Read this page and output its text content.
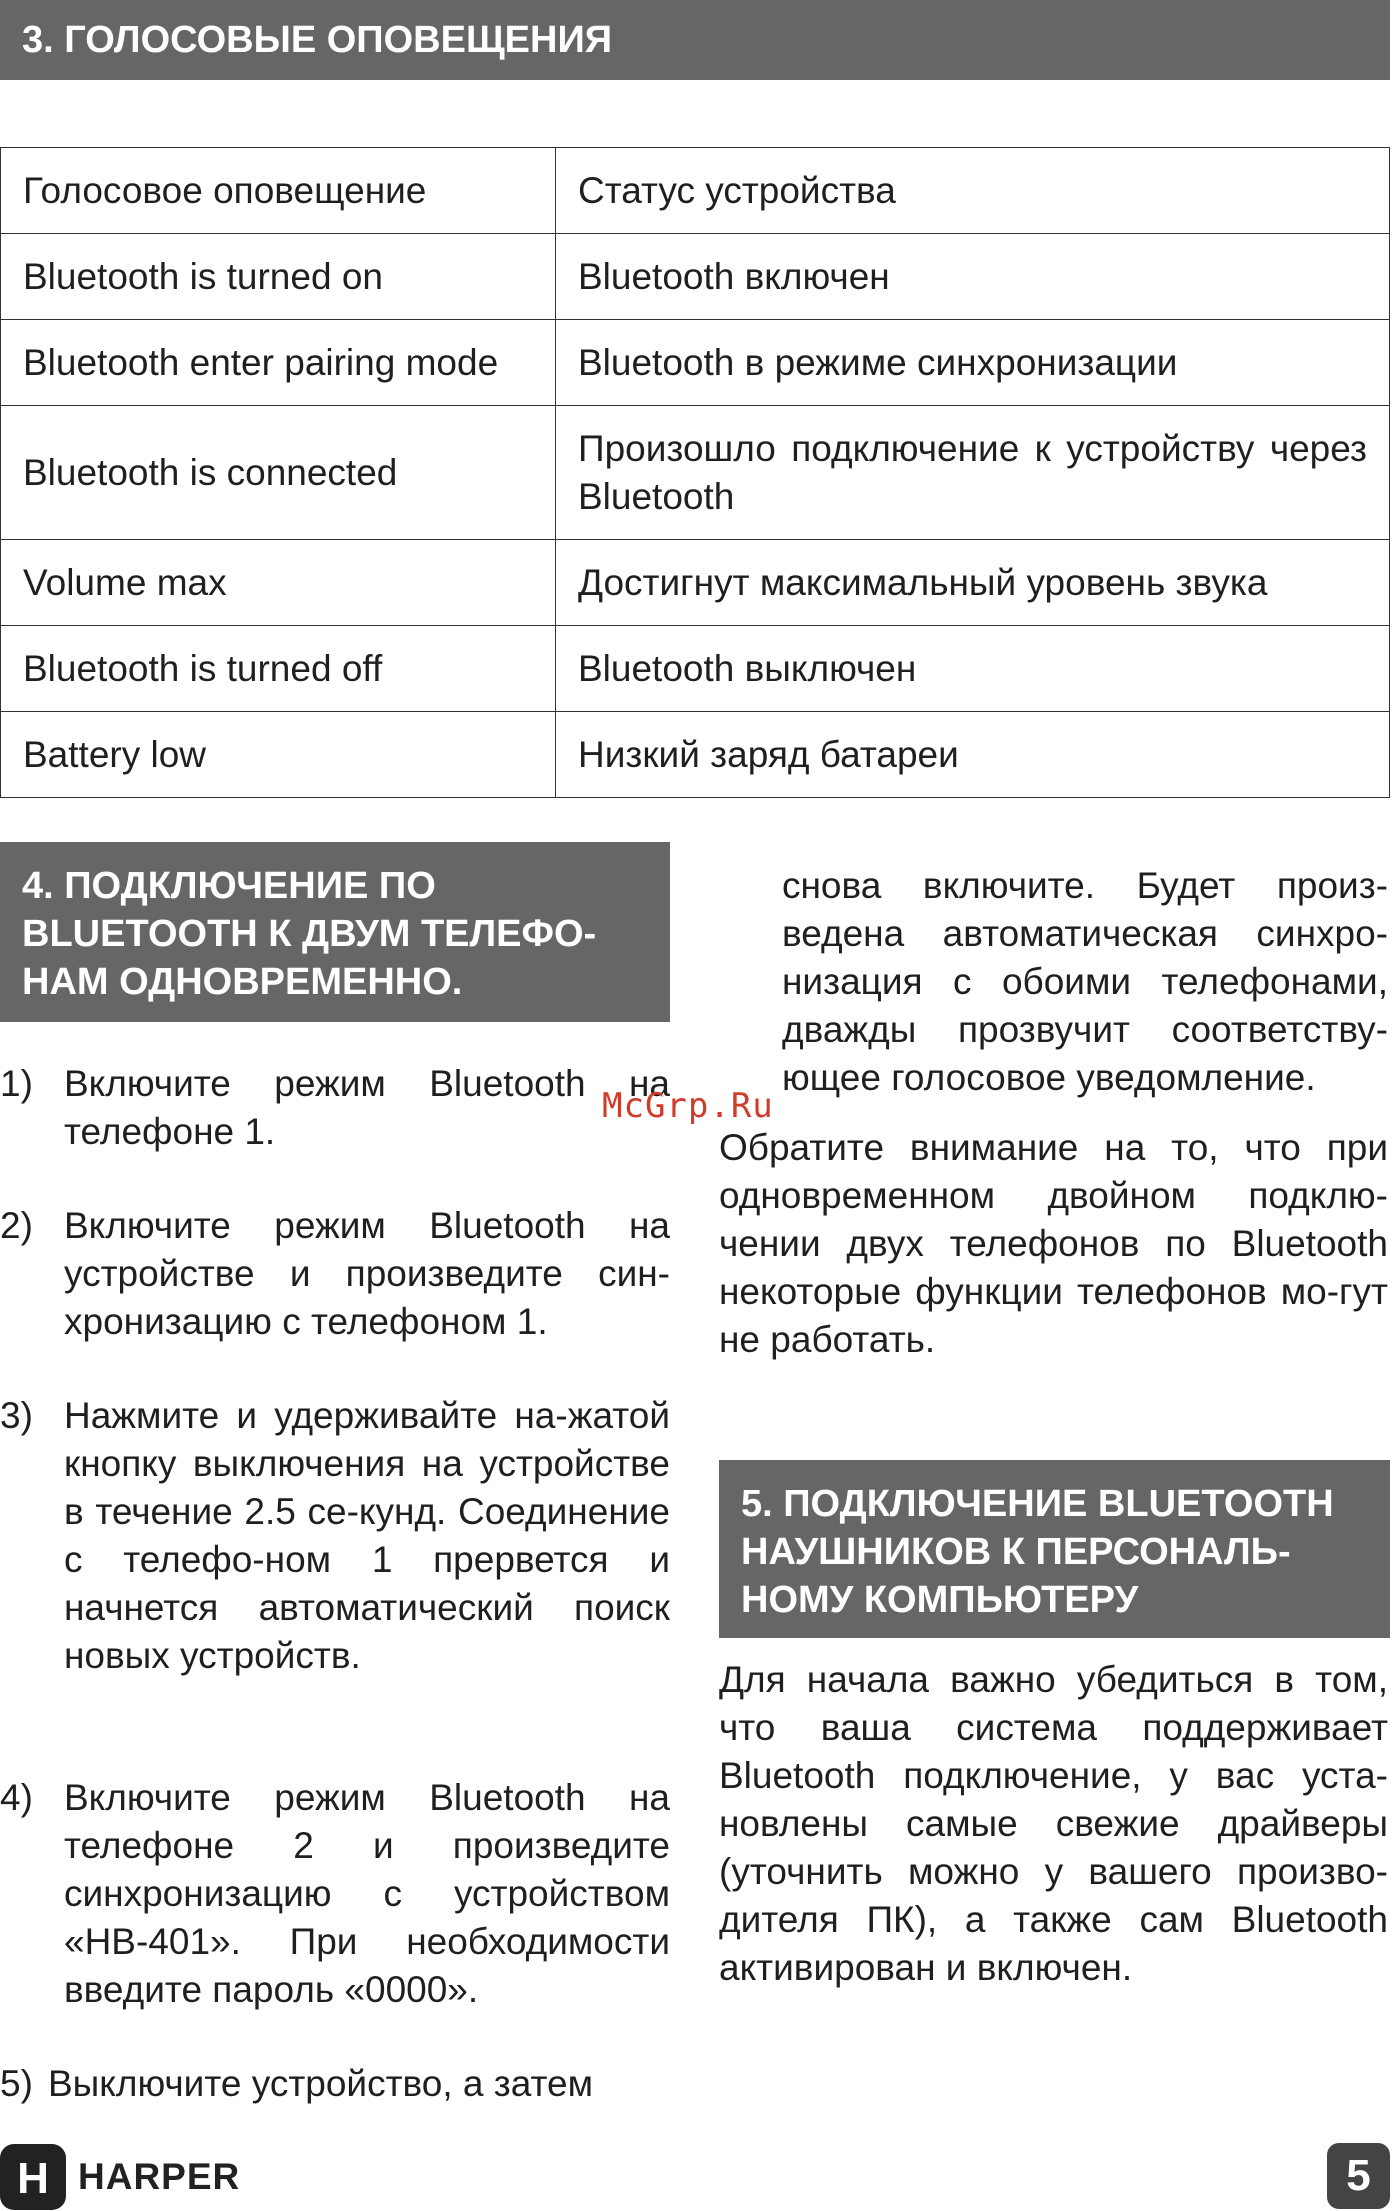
3. ГОЛОСОВЫЕ ОПОВЕЩЕНИЯ
Голосовое оповещение	Статус устройства
Bluetooth is turned on	Bluetooth включен
Bluetooth enter pairing mode	Bluetooth в режиме синхронизации
Bluetooth is connected	Произошло подключение к устройству через Bluetooth
Volume max	Достигнут максимальный уровень звука
Bluetooth is turned off	Bluetooth выключен
Battery low	Низкий заряд батареи
4. ПОДКЛЮЧЕНИЕ ПО BLUETOOTH К ДВУМ ТЕЛЕФО-НАМ ОДНОВРЕМЕННО.
1) Включите режим Bluetooth на телефоне 1.
2) Включите режим Bluetooth на устройстве и произведите син-хронизацию с телефоном 1.
3) Нажмите и удерживайте на-жатой кнопку выключения на устройстве в течение 2.5 се-кунд. Соединение с телефо-ном 1 прервется и начнется автоматический поиск новых устройств.
4) Включите режим Bluetooth на телефоне 2 и произведите синхронизацию с устройством «HB-401». При необходимости введите пароль «0000».
5) Выключите устройство, а затем
McGrp.Ru
снова включите. Будет произ-ведена автоматическая синхро-низация с обоими телефонами, дважды прозвучит соответству-ющее голосовое уведомление.
Обратите внимание на то, что при одновременном двойном подклю-чении двух телефонов по Bluetooth некоторые функции телефонов мо-гут не работать.
5. ПОДКЛЮЧЕНИЕ BLUETOOTH НАУШНИКОВ К ПЕРСОНАЛЬ-НОМУ КОМПЬЮТЕРУ
Для начала важно убедиться в том, что ваша система поддерживает Bluetooth подключение, у вас уста-новлены самые свежие драйверы (уточнить можно у вашего произво-дителя ПК), а также сам Bluetooth активирован и включен.
H HARPER	5
